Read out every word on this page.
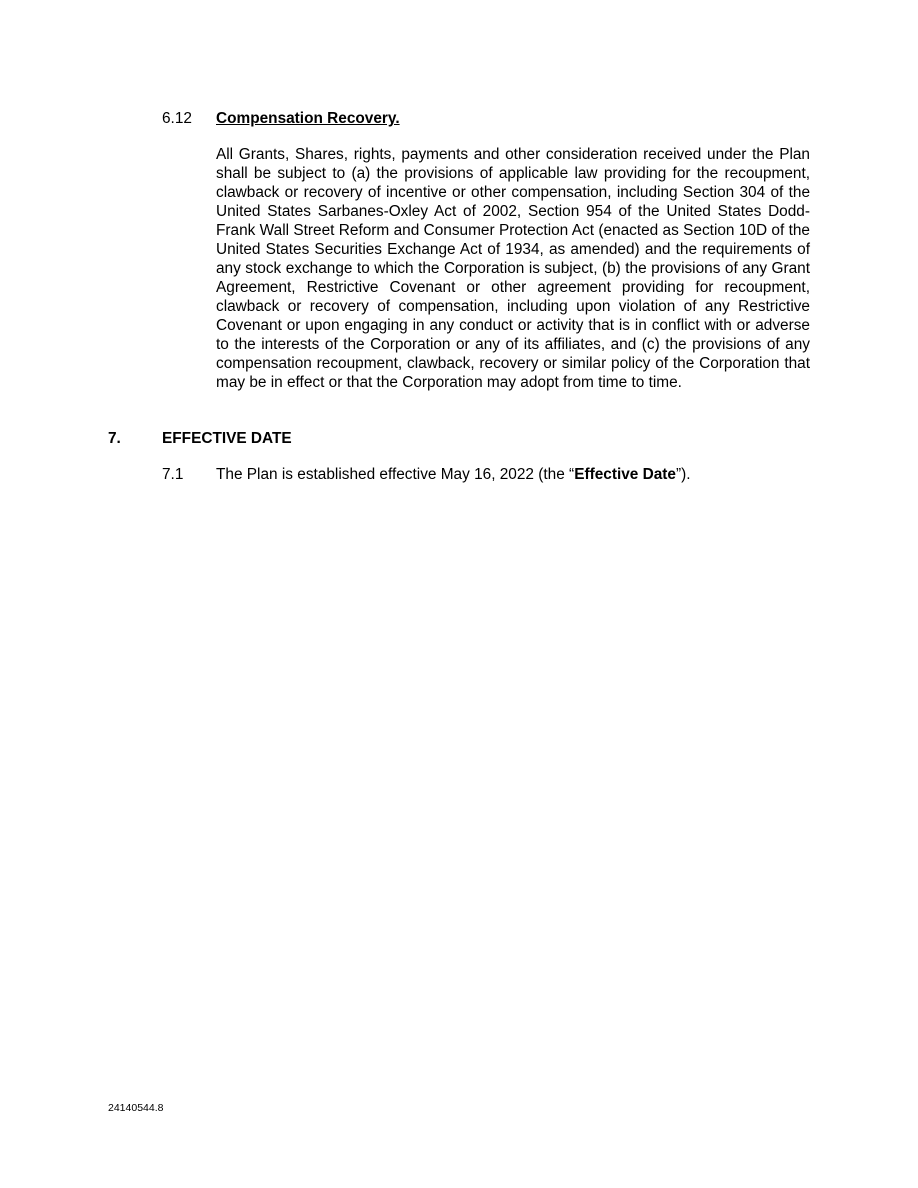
6.12 Compensation Recovery.

All Grants, Shares, rights, payments and other consideration received under the Plan shall be subject to (a) the provisions of applicable law providing for the recoupment, clawback or recovery of incentive or other compensation, including Section 304 of the United States Sarbanes-Oxley Act of 2002, Section 954 of the United States Dodd-Frank Wall Street Reform and Consumer Protection Act (enacted as Section 10D of the United States Securities Exchange Act of 1934, as amended) and the requirements of any stock exchange to which the Corporation is subject, (b) the provisions of any Grant Agreement, Restrictive Covenant or other agreement providing for recoupment, clawback or recovery of compensation, including upon violation of any Restrictive Covenant or upon engaging in any conduct or activity that is in conflict with or adverse to the interests of the Corporation or any of its affiliates, and (c) the provisions of any compensation recoupment, clawback, recovery or similar policy of the Corporation that may be in effect or that the Corporation may adopt from time to time.

7.	EFFECTIVE DATE
7.1 The Plan is established effective May 16, 2022 (the “Effective Date”).
24140544.8
